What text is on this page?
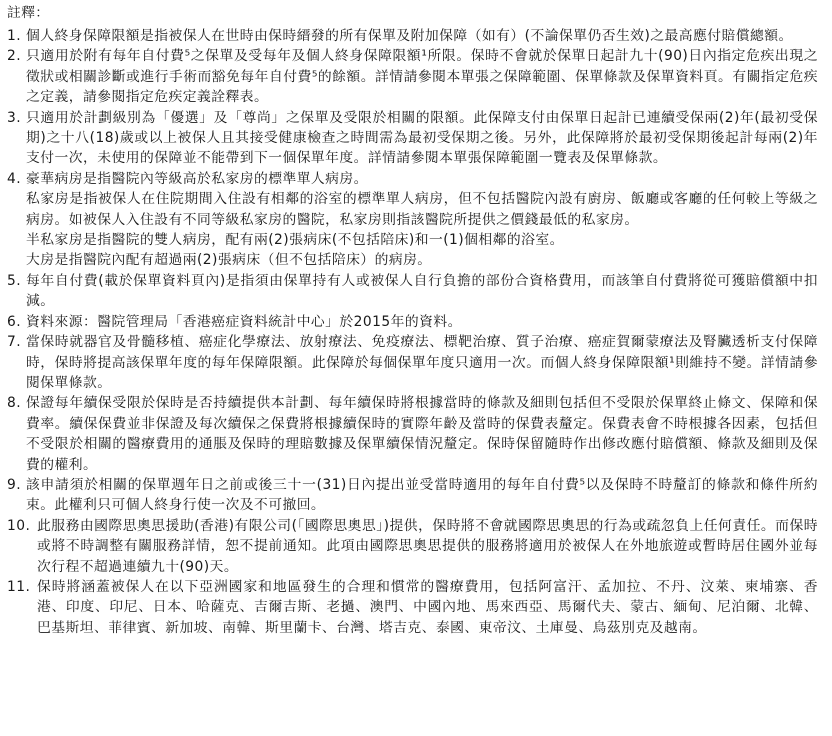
註釋：
1. 個人終身保障限額是指被保人在世時由保時縉發的所有保單及附加保障（如有）(不論保單仍否生效)之最高應付賠償總額。
2. 只適用於附有每年自付費⁵之保單及受每年及個人終身保障限額¹所限。保時不會就於保單日起計九十(90)日內指定危疾出現之徵狀或相關診斷或進行手術而豁免每年自付費⁵的餘額。詳情請參閱本單張之保障範圍、保單條款及保單資料頁。有關指定危疾之定義，請參閱指定危疾定義詮釋表。
3. 只適用於計劃級別為「優選」及「尊尚」之保單及受限於相關的限額。此保障支付由保單日起計已連續受保兩(2)年(最初受保期)之十八(18)歲或以上被保人且其接受健康檢查之時間需為最初受保期之後。另外，此保障將於最初受保期後起計每兩(2)年支付一次，未使用的保障並不能帶到下一個保單年度。詳情請參閱本單張保障範圍一覽表及保單條款。
4. 豪華病房是指醫院內等級高於私家房的標準單人病房。
私家房是指被保人在住院期間入住設有相鄰的浴室的標準單人病房，但不包括醫院內設有廚房、飯廳或客廳的任何較上等級之病房。如被保人入住設有不同等級私家房的醫院，私家房則指該醫院所提供之價錢最低的私家房。
半私家房是指醫院的雙人病房，配有兩(2)張病床(不包括陪床)和一(1)個相鄰的浴室。
大房是指醫院內配有超過兩(2)張病床（但不包括陪床）的病房。
5. 每年自付費(載於保單資料頁內)是指須由保單持有人或被保人自行負擔的部份合資格費用，而該筆自付費將從可獲賠償額中扣減。
6. 資料來源：醫院管理局「香港癌症資料統計中心」於2015年的資料。
7. 當保時就器官及骨髓移植、癌症化學療法、放射療法、免疫療法、標靶治療、質子治療、癌症賀爾蒙療法及腎臟透析支付保障時，保時將提高該保單年度的每年保障限額。此保障於每個保單年度只適用一次。而個人終身保障限額¹則維持不變。詳情請參閱保單條款。
8. 保證每年續保受限於保時是否持續提供本計劃、每年續保時將根據當時的條款及細則包括但不受限於保單終止條文、保障和保費率。續保保費並非保證及每次續保之保費將根據續保時的實際年齡及當時的保費表釐定。保費表會不時根據各因素，包括但不受限於相關的醫療費用的通脹及保時的理賠數據及保單續保情況釐定。保時保留隨時作出修改應付賠償額、條款及細則及保費的權利。
9. 該申請須於相關的保單週年日之前或後三十一(31)日內提出並受當時適用的每年自付費⁵以及保時不時釐訂的條款和條件所約束。此權利只可個人終身行使一次及不可撤回。
10. 此服務由國際思奧思援助(香港)有限公司(「國際思奧思」)提供，保時將不會就國際思奧思的行為或疏忽負上任何責任。而保時或將不時調整有關服務詳情，恕不提前通知。此項由國際思奧思提供的服務將適用於被保人在外地旅遊或暫時居住國外並每次行程不超過連續九十(90)天。
11. 保時將涵蓋被保人在以下亞洲國家和地區發生的合理和慣常的醫療費用，包括阿富汗、孟加拉、不丹、汶萊、柬埔寨、香港、印度、印尼、日本、哈薩克、吉爾吉斯、老撾、澳門、中國內地、馬來西亞、馬爾代夫、蒙古、緬甸、尼泊爾、北韓、巴基斯坦、菲律賓、新加坡、南韓、斯里蘭卡、台灣、塔吉克、泰國、東帝汶、土庫曼、烏茲別克及越南。
